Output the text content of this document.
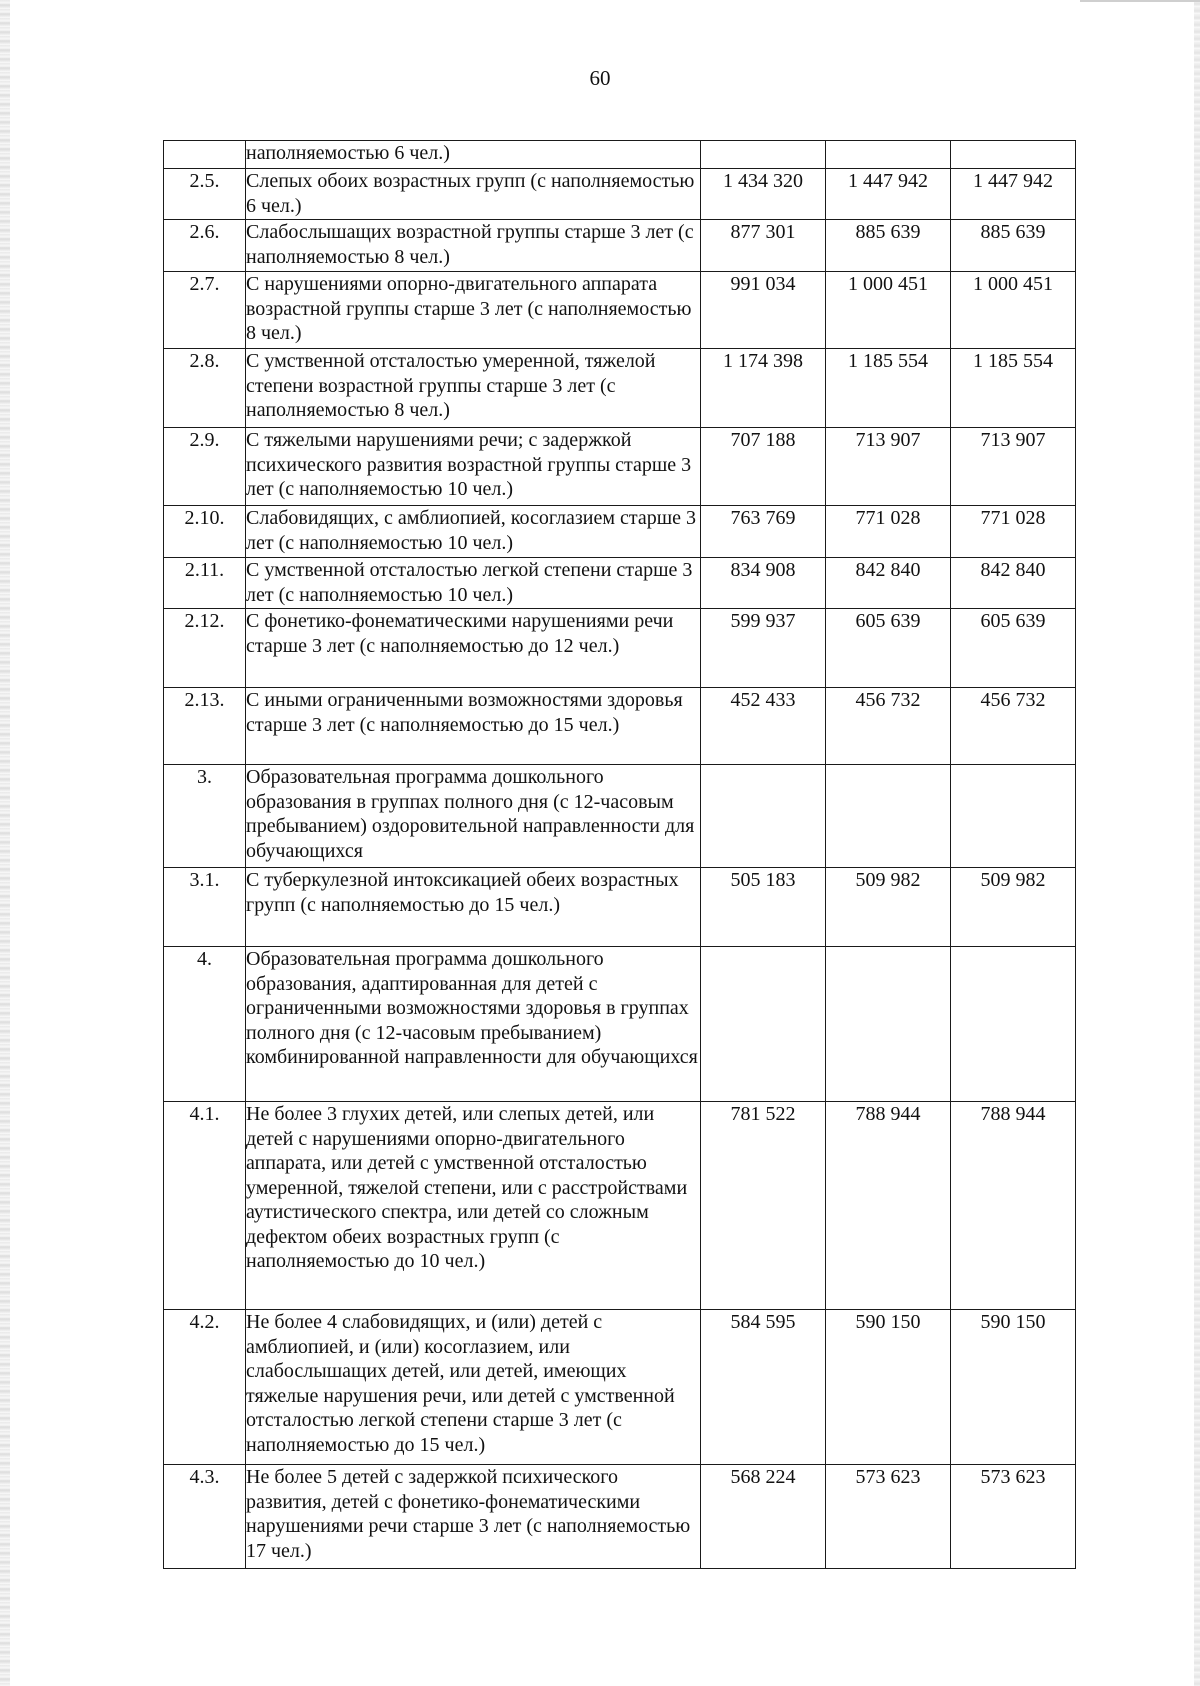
60
	наполняемостью 6 чел.)			
2.5.	Слепых обоих возрастных групп (с наполняемостью 6 чел.)	1 434 320	1 447 942	1 447 942
2.6.	Слабослышащих возрастной группы старше 3 лет (с наполняемостью 8 чел.)	877 301	885 639	885 639
2.7.	С нарушениями опорно-двигательного аппарата возрастной группы старше 3 лет (с наполняемостью 8 чел.)	991 034	1 000 451	1 000 451
2.8.	С умственной отсталостью умеренной, тяжелой степени возрастной группы старше 3 лет (с наполняемостью 8 чел.)	1 174 398	1 185 554	1 185 554
2.9.	С тяжелыми нарушениями речи; с задержкой психического развития возрастной группы старше 3 лет (с наполняемостью 10 чел.)	707 188	713 907	713 907
2.10.	Слабовидящих, с амблиопией, косоглазием старше 3 лет (с наполняемостью 10 чел.)	763 769	771 028	771 028
2.11.	С умственной отсталостью легкой степени старше 3 лет (с наполняемостью 10 чел.)	834 908	842 840	842 840
2.12.	С фонетико-фонематическими нарушениями речи старше 3 лет (с наполняемостью до 12 чел.)	599 937	605 639	605 639
2.13.	С иными ограниченными возможностями здоровья старше 3 лет (с наполняемостью до 15 чел.)	452 433	456 732	456 732
3.	Образовательная программа дошкольного образования в группах полного дня (с 12-часовым пребыванием) оздоровительной направленности для обучающихся			
3.1.	С туберкулезной интоксикацией обеих возрастных групп (с наполняемостью до 15 чел.)	505 183	509 982	509 982
4.	Образовательная программа дошкольного образования, адаптированная для детей с ограниченными возможностями здоровья в группах полного дня (с 12-часовым пребыванием) комбинированной направленности для обучающихся			
4.1.	Не более 3 глухих детей, или слепых детей, или детей с нарушениями опорно-двигательного аппарата, или детей с умственной отсталостью умеренной, тяжелой степени, или с расстройствами аутистического спектра, или детей со сложным дефектом обеих возрастных групп (с наполняемостью до 10 чел.)	781 522	788 944	788 944
4.2.	Не более 4 слабовидящих, и (или) детей с амблиопией, и (или) косоглазием, или слабослышащих детей, или детей, имеющих тяжелые нарушения речи, или детей с умственной отсталостью легкой степени старше 3 лет (с наполняемостью до 15 чел.)	584 595	590 150	590 150
4.3.	Не более 5 детей с задержкой психического развития, детей с фонетико-фонематическими нарушениями речи старше 3 лет (с наполняемостью 17 чел.)	568 224	573 623	573 623
